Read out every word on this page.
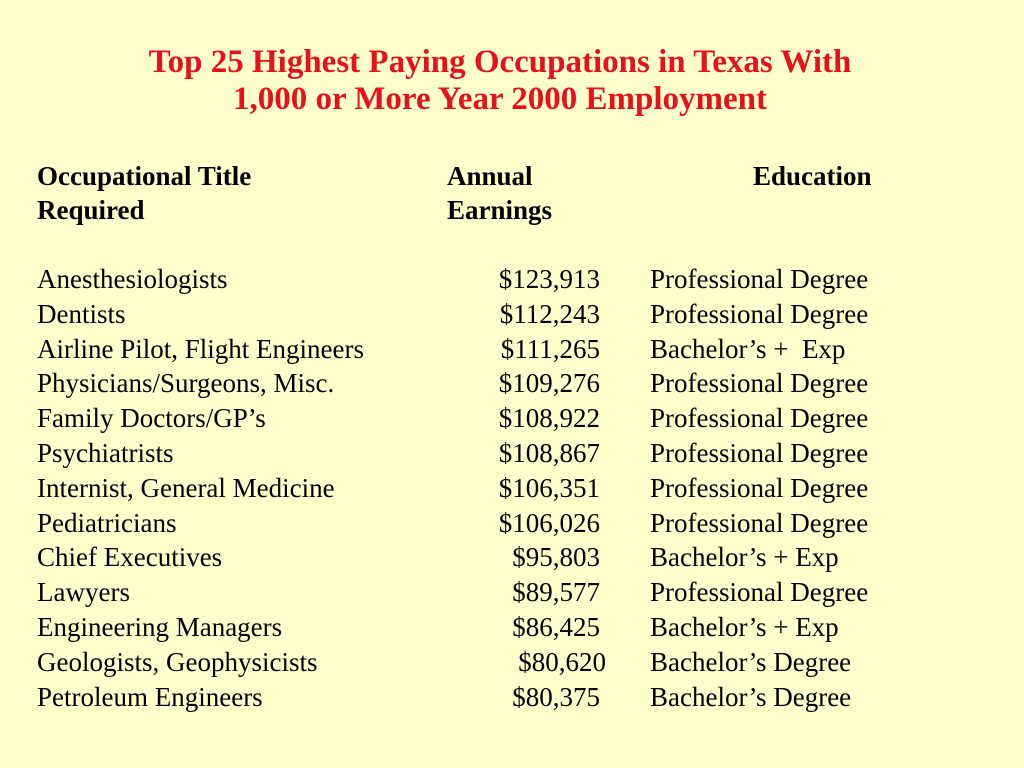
Top 25 Highest Paying Occupations in Texas With
1,000 or More Year 2000 Employment
Occupational Title	Annual	Education
Required	Earnings
Anesthesiologists	$123,913 Professional Degree
Dentists	$112,243 Professional Degree
Airline Pilot, Flight Engineers	$111,265 Bachelor’s +  Exp
Physicians/Surgeons, Misc.	$109,276 Professional Degree
Family Doctors/GP’s	$108,922 Professional Degree
Psychiatrists	$108,867 Professional Degree
Internist, General Medicine	$106,351 Professional Degree
Pediatricians	$106,026 Professional Degree
Chief Executives	$95,803 Bachelor’s + Exp
Lawyers	$89,577 Professional Degree
Engineering Managers	$86,425 Bachelor’s + Exp
Geologists, Geophysicists	$80,620 Bachelor’s Degree
Petroleum Engineers	$80,375 Bachelor’s Degree
